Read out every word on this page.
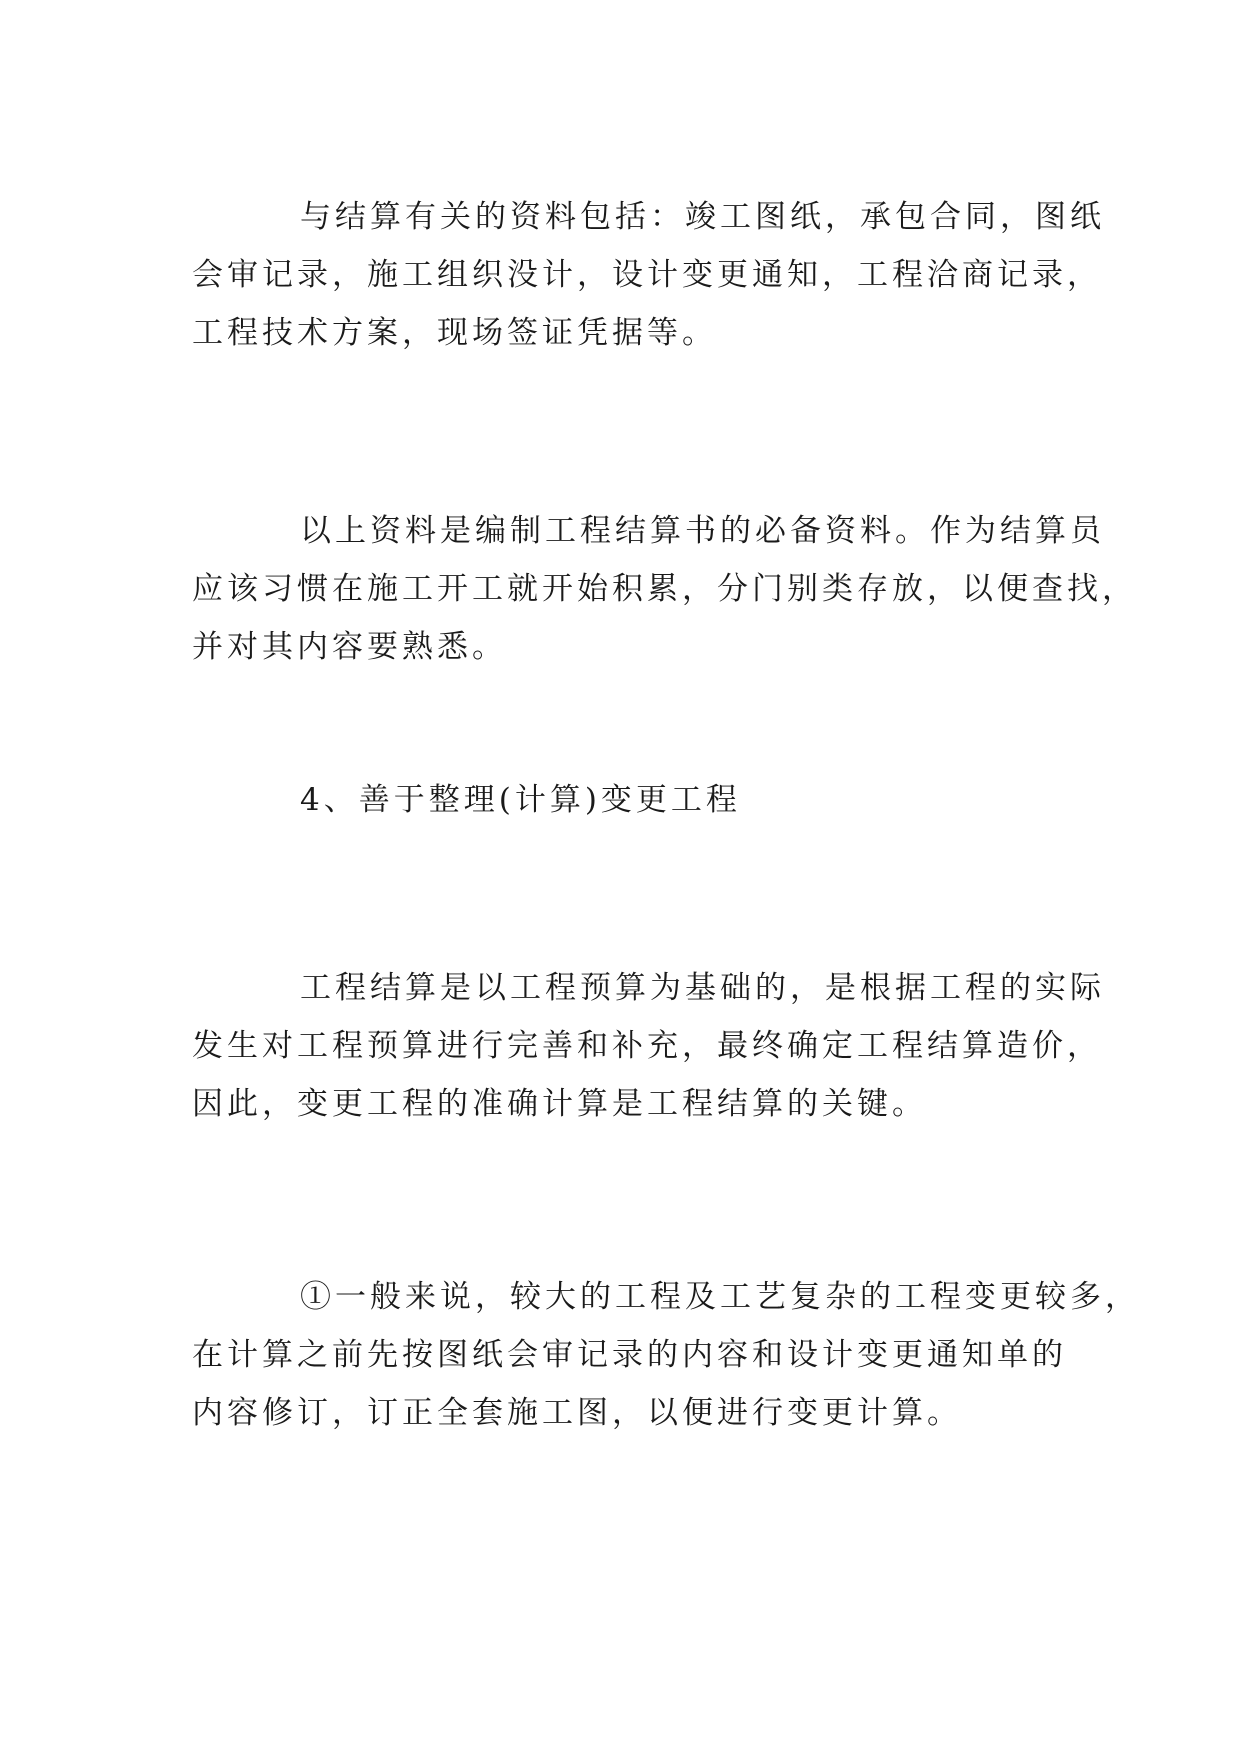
与结算有关的资料包括：竣工图纸，承包合同，图纸
会审记录，施工组织没计，设计变更通知，工程洽商记录，
工程技术方案，现场签证凭据等。

以上资料是编制工程结算书的必备资料。作为结算员
应该习惯在施工开工就开始积累，分门别类存放，以便查找，
并对其内容要熟悉。

4、善于整理(计算)变更工程

工程结算是以工程预算为基础的，是根据工程的实际
发生对工程预算进行完善和补充，最终确定工程结算造价，
因此，变更工程的准确计算是工程结算的关键。

①一般来说，较大的工程及工艺复杂的工程变更较多，
在计算之前先按图纸会审记录的内容和设计变更通知单的
内容修订，订正全套施工图，以便进行变更计算。
